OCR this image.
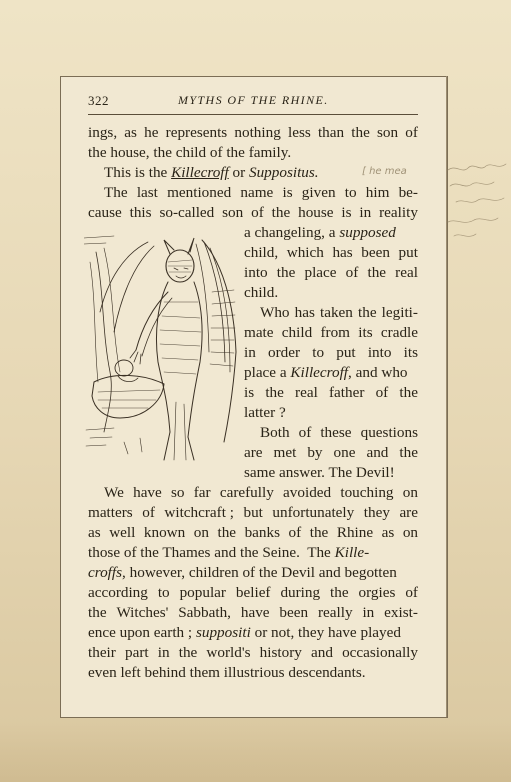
322	MYTHS OF THE RHINE.
ings, as he represents nothing less than the son of
the house, the child of the family.
This is the Killecroff or Suppositus.	[ he mea
The last mentioned name is given to him be-
cause this so-called son of the house is in reality
a changeling, a supposed
child, which has been put
into the place of the real
child.
Who has taken the legiti-
mate child from its cradle
in order to put into its
place a Killecroff , and who
is the real father of the
latter ?
Both of these questions
are met by one and the
same answer. The Devil!
We have so far carefully avoided touching on
matters of witchcraft ; but unfortunately they are
as well known on the banks of the Rhine as on
those of the Thames and the Seine.  The Kille-
croffs , however, children of the Devil and begotten
according to popular belief during the orgies of
the Witches' Sabbath, have been really in exist-
ence upon earth ; suppositi or not, they have played
their part in the world's history and occasionally
even left behind them illustrious descendants.
